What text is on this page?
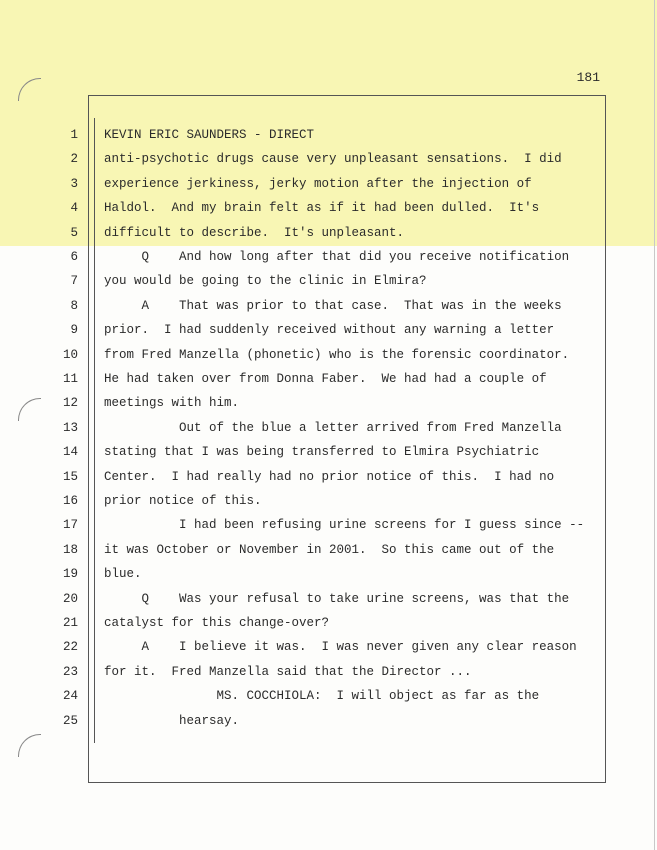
181
1 KEVIN ERIC SAUNDERS - DIRECT
2 anti-psychotic drugs cause very unpleasant sensations.  I did
3 experience jerkiness, jerky motion after the injection of
4 Haldol.  And my brain felt as if it had been dulled.  It's
5 difficult to describe.  It's unpleasant.
6 Q    And how long after that did you receive notification
7 you would be going to the clinic in Elmira?
8 A    That was prior to that case.  That was in the weeks
9 prior.  I had suddenly received without any warning a letter
10 from Fred Manzella (phonetic) who is the forensic coordinator.
11 He had taken over from Donna Faber.  We had had a couple of
12 meetings with him.
13 Out of the blue a letter arrived from Fred Manzella
14 stating that I was being transferred to Elmira Psychiatric
15 Center.  I had really had no prior notice of this.  I had no
16 prior notice of this.
17 I had been refusing urine screens for I guess since --
18 it was October or November in 2001.  So this came out of the
19 blue.
20 Q    Was your refusal to take urine screens, was that the
21 catalyst for this change-over?
22 A    I believe it was.  I was never given any clear reason
23 for it.  Fred Manzella said that the Director ...
24 MS. COCCHIOLA:  I will object as far as the
25 hearsay.
